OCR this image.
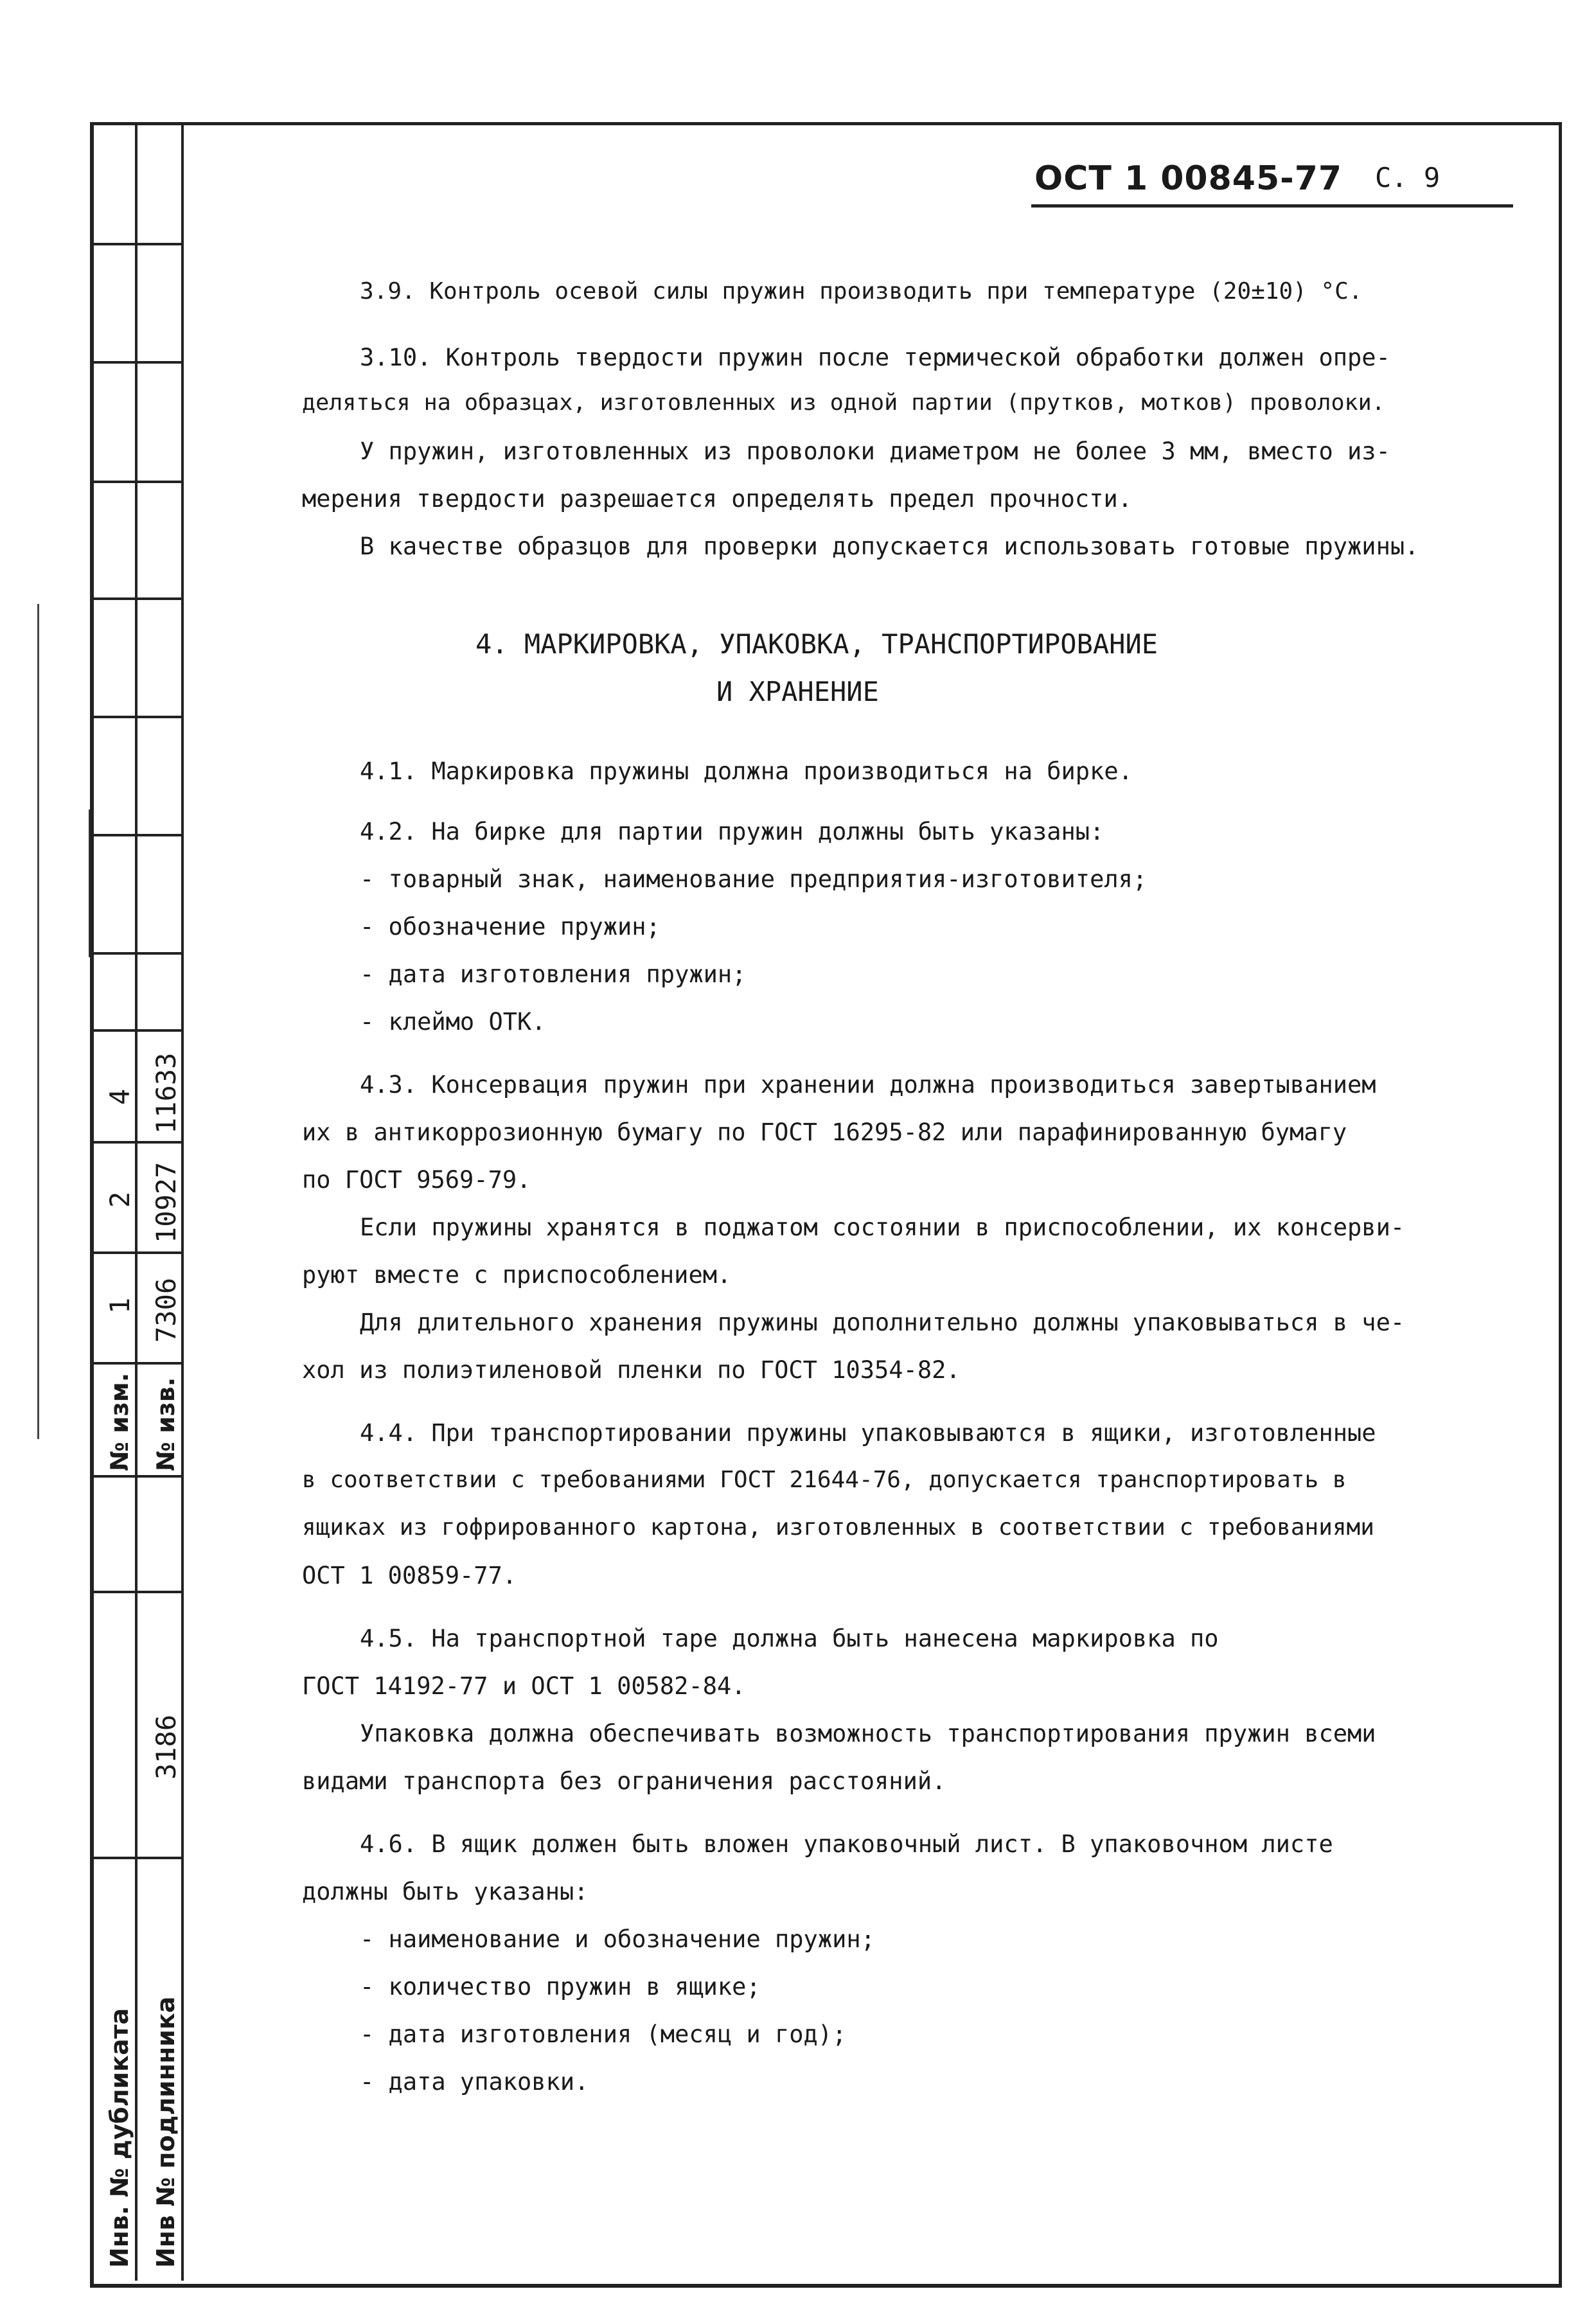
4
2
1
№ изм.
11633
10927
7306
№ изв.
3186
Инв. № дубликата Инв № подлинника
ОСТ 1 00845-77 С. 9
3.9. Контроль осевой силы пружин производить при температуре (20±10) °С.
3.10. Контроль твердости пружин после термической обработки должен опре-
деляться на образцах, изготовленных из одной партии (прутков, мотков) проволоки.
У пружин, изготовленных из проволоки диаметром не более 3 мм, вместо из-
мерения твердости разрешается определять предел прочности.
В качестве образцов для проверки допускается использовать готовые пружины.
4. МАРКИРОВКА, УПАКОВКА, ТРАНСПОРТИРОВАНИЕ
И ХРАНЕНИЕ
4.1. Маркировка пружины должна производиться на бирке.
4.2. На бирке для партии пружин должны быть указаны:
- товарный знак, наименование предприятия-изготовителя;
- обозначение пружин;
- дата изготовления пружин;
- клеймо ОТК.
4.3. Консервация пружин при хранении должна производиться завертыванием
их в антикоррозионную бумагу по ГОСТ 16295-82 или парафинированную бумагу
по ГОСТ 9569-79.
Если пружины хранятся в поджатом состоянии в приспособлении, их консерви-
руют вместе с приспособлением.
Для длительного хранения пружины дополнительно должны упаковываться в че-
хол из полиэтиленовой пленки по ГОСТ 10354-82.
4.4. При транспортировании пружины упаковываются в ящики, изготовленные
в соответствии с требованиями ГОСТ 21644-76, допускается транспортировать в
ящиках из гофрированного картона, изготовленных в соответствии с требованиями
ОСТ 1 00859-77.
4.5. На транспортной таре должна быть нанесена маркировка по
ГОСТ 14192-77 и ОСТ 1 00582-84.
Упаковка должна обеспечивать возможность транспортирования пружин всеми
видами транспорта без ограничения расстояний.
4.6. В ящик должен быть вложен упаковочный лист. В упаковочном листе
должны быть указаны:
- наименование и обозначение пружин;
- количество пружин в ящике;
- дата изготовления (месяц и год);
- дата упаковки.
